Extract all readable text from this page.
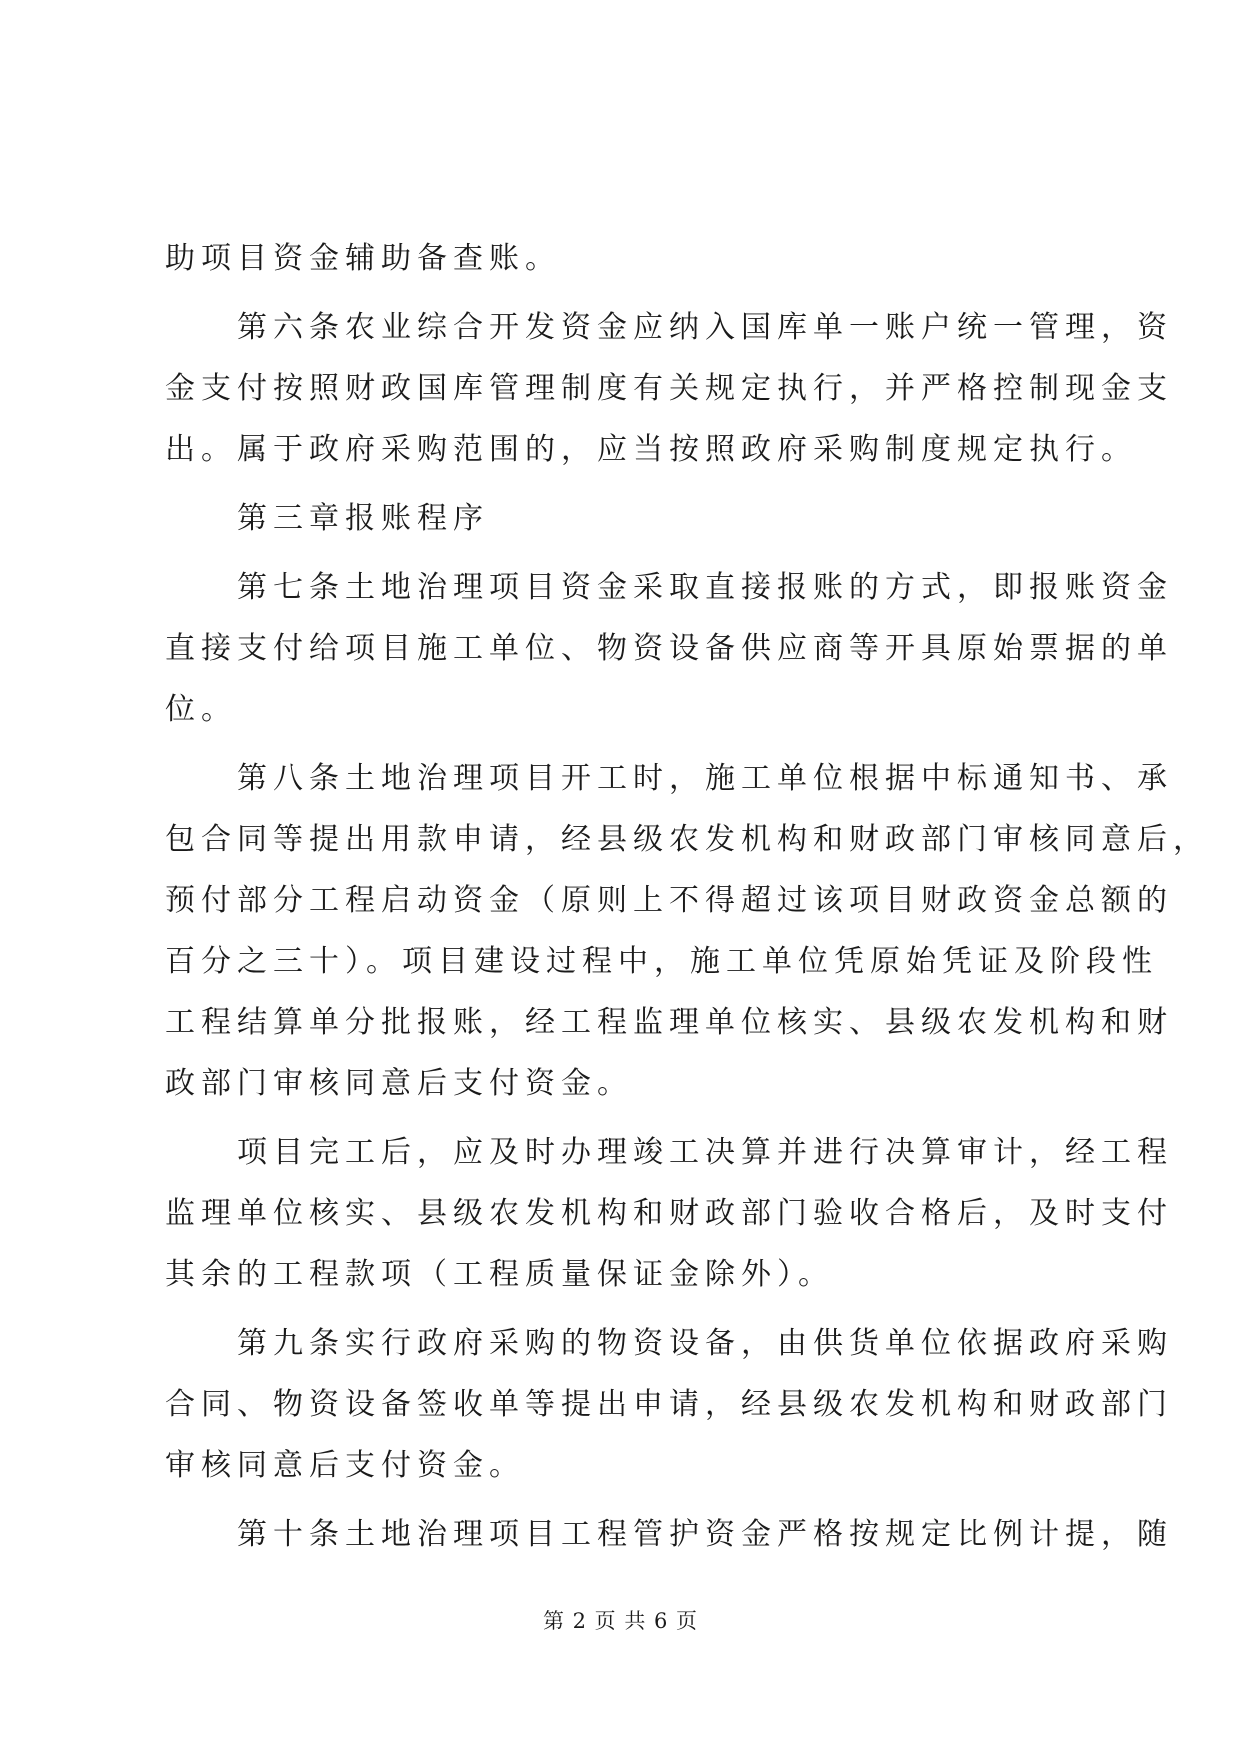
助项目资金辅助备查账。
第六条农业综合开发资金应纳入国库单一账户统一管理，资
金支付按照财政国库管理制度有关规定执行，并严格控制现金支
出。属于政府采购范围的，应当按照政府采购制度规定执行。
第三章报账程序
第七条土地治理项目资金采取直接报账的方式，即报账资金
直接支付给项目施工单位、物资设备供应商等开具原始票据的单
位。
第八条土地治理项目开工时，施工单位根据中标通知书、承
包合同等提出用款申请，经县级农发机构和财政部门审核同意后，
预付部分工程启动资金（原则上不得超过该项目财政资金总额的
百分之三十）。项目建设过程中，施工单位凭原始凭证及阶段性
工程结算单分批报账，经工程监理单位核实、县级农发机构和财
政部门审核同意后支付资金。
项目完工后，应及时办理竣工决算并进行决算审计，经工程
监理单位核实、县级农发机构和财政部门验收合格后，及时支付
其余的工程款项（工程质量保证金除外）。
第九条实行政府采购的物资设备，由供货单位依据政府采购
合同、物资设备签收单等提出申请，经县级农发机构和财政部门
审核同意后支付资金。
第十条土地治理项目工程管护资金严格按规定比例计提，随
第 2 页 共 6 页
